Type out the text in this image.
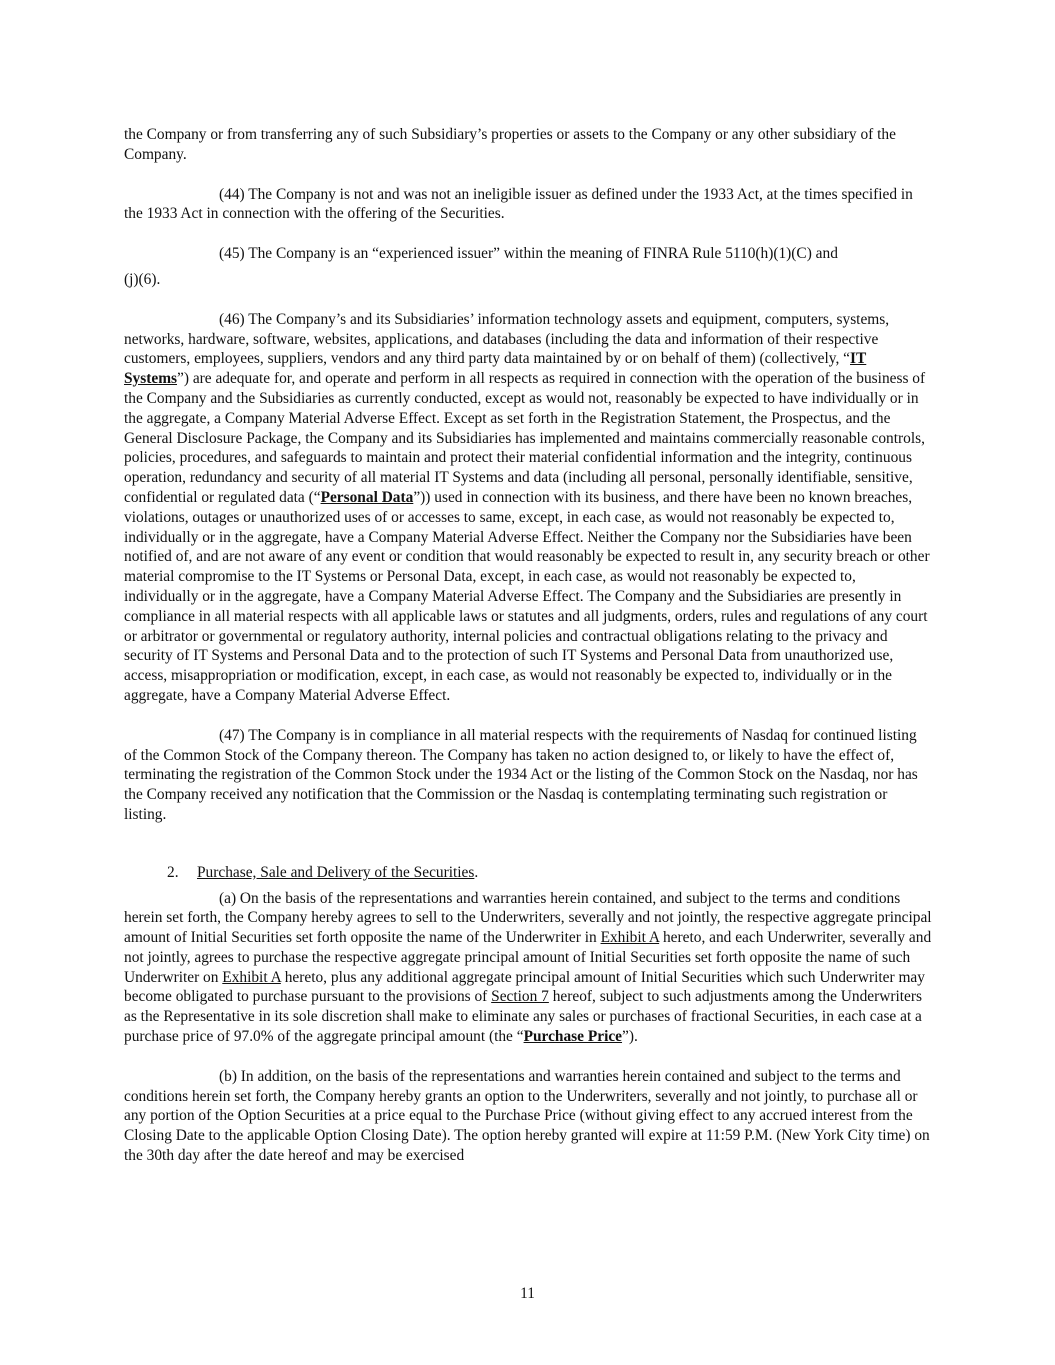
the Company or from transferring any of such Subsidiary’s properties or assets to the Company or any other subsidiary of the Company.

(44) The Company is not and was not an ineligible issuer as defined under the 1933 Act, at the times specified in the 1933 Act in connection with the offering of the Securities.

(45) The Company is an “experienced issuer” within the meaning of FINRA Rule 5110(h)(1)(C) and

(j)(6).

(46) The Company’s and its Subsidiaries’ information technology assets and equipment, computers, systems, networks, hardware, software, websites, applications, and databases (including the data and information of their respective customers, employees, suppliers, vendors and any third party data maintained by or on behalf of them) (collectively, “IT Systems”) are adequate for, and operate and perform in all respects as required in connection with the operation of the business of the Company and the Subsidiaries as currently conducted, except as would not, reasonably be expected to have individually or in the aggregate, a Company Material Adverse Effect. Except as set forth in the Registration Statement, the Prospectus, and the General Disclosure Package, the Company and its Subsidiaries has implemented and maintains commercially reasonable controls, policies, procedures, and safeguards to maintain and protect their material confidential information and the integrity, continuous operation, redundancy and security of all material IT Systems and data (including all personal, personally identifiable, sensitive, confidential or regulated data (“Personal Data”)) used in connection with its business, and there have been no known breaches, violations, outages or unauthorized uses of or accesses to same, except, in each case, as would not reasonably be expected to, individually or in the aggregate, have a Company Material Adverse Effect. Neither the Company nor the Subsidiaries have been notified of, and are not aware of any event or condition that would reasonably be expected to result in, any security breach or other material compromise to the IT Systems or Personal Data, except, in each case, as would not reasonably be expected to, individually or in the aggregate, have a Company Material Adverse Effect. The Company and the Subsidiaries are presently in compliance in all material respects with all applicable laws or statutes and all judgments, orders, rules and regulations of any court or arbitrator or governmental or regulatory authority, internal policies and contractual obligations relating to the privacy and security of IT Systems and Personal Data and to the protection of such IT Systems and Personal Data from unauthorized use, access, misappropriation or modification, except, in each case, as would not reasonably be expected to, individually or in the aggregate, have a Company Material Adverse Effect.

(47) The Company is in compliance in all material respects with the requirements of Nasdaq for continued listing of the Common Stock of the Company thereon. The Company has taken no action designed to, or likely to have the effect of, terminating the registration of the Common Stock under the 1934 Act or the listing of the Common Stock on the Nasdaq, nor has the Company received any notification that the Commission or the Nasdaq is contemplating terminating such registration or listing.

2. Purchase, Sale and Delivery of the Securities.

(a) On the basis of the representations and warranties herein contained, and subject to the terms and conditions herein set forth, the Company hereby agrees to sell to the Underwriters, severally and not jointly, the respective aggregate principal amount of Initial Securities set forth opposite the name of the Underwriter in Exhibit A hereto, and each Underwriter, severally and not jointly, agrees to purchase the respective aggregate principal amount of Initial Securities set forth opposite the name of such Underwriter on Exhibit A hereto, plus any additional aggregate principal amount of Initial Securities which such Underwriter may become obligated to purchase pursuant to the provisions of Section 7 hereof, subject to such adjustments among the Underwriters as the Representative in its sole discretion shall make to eliminate any sales or purchases of fractional Securities, in each case at a purchase price of 97.0% of the aggregate principal amount (the “Purchase Price”).

(b) In addition, on the basis of the representations and warranties herein contained and subject to the terms and conditions herein set forth, the Company hereby grants an option to the Underwriters, severally and not jointly, to purchase all or any portion of the Option Securities at a price equal to the Purchase Price (without giving effect to any accrued interest from the Closing Date to the applicable Option Closing Date). The option hereby granted will expire at 11:59 P.M. (New York City time) on the 30th day after the date hereof and may be exercised

11
